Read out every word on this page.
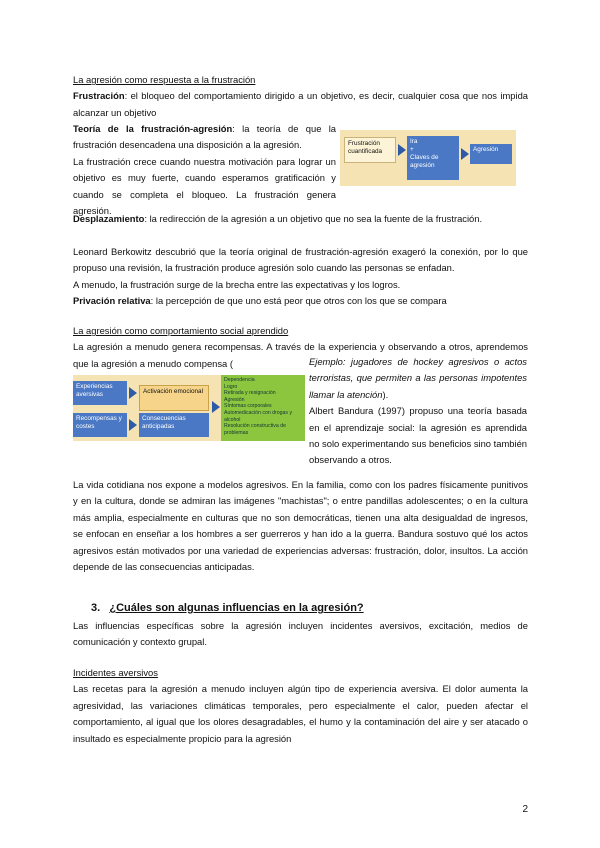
La agresión como respuesta a la frustración
Frustración: el bloqueo del comportamiento dirigido a un objetivo, es decir, cualquier cosa que nos impida alcanzar un objetivo
Teoría de la frustración-agresión: la teoría de que la frustración desencadena una disposición a la agresión.
La frustración crece cuando nuestra motivación para lograr un objetivo es muy fuerte, cuando esperamos gratificación y cuando se completa el bloqueo. La frustración genera agresión.
Frustración cuantificada
Ira
+
Claves de agresión
Agresión
Desplazamiento: la redirección de la agresión a un objetivo que no sea la fuente de la frustración.
Leonard Berkowitz descubrió que la teoría original de frustración-agresión exageró la conexión, por lo que propuso una revisión, la frustración produce agresión solo cuando las personas se enfadan.
A menudo, la frustración surge de la brecha entre las expectativas y los logros.
Privación relativa: la percepción de que uno está peor que otros con los que se compara
La agresión como comportamiento social aprendido
La agresión a menudo genera recompensas. A través de la experiencia y observando a otros, aprendemos que la agresión a menudo compensa (	Ejemplo: jugadores de hockey agresivos o actos terroristas, que permiten a las personas impotentes llamar la atención).
Albert Bandura (1997) propuso una teoría basada en el aprendizaje social: la agresión es aprendida no solo experimentando sus beneficios sino también observando a otros.
Experiencias aversivas
Recompensas y costes
Activación emocional
Consecuencias anticipadas
Dependencia
Logro
Retirada y resignación
Agresión
Síntomas corporales
Automedicación con drogas y alcohol
Resolución constructiva de problemas
La vida cotidiana nos expone a modelos agresivos. En la familia, como con los padres físicamente punitivos y en la cultura, donde se admiran las imágenes "machistas"; o entre pandillas adolescentes; o en la cultura más amplia, especialmente en culturas que no son democráticas, tienen una alta desigualdad de ingresos, se enfocan en enseñar a los hombres a ser guerreros y han ido a la guerra. Bandura sostuvo qué los actos agresivos están motivados por una variedad de experiencias adversas: frustración, dolor, insultos. La acción depende de las consecuencias anticipadas.
3. ¿Cuáles son algunas influencias en la agresión?
Las influencias específicas sobre la agresión incluyen incidentes aversivos, excitación, medios de comunicación y contexto grupal.
Incidentes aversivos
Las recetas para la agresión a menudo incluyen algún tipo de experiencia aversiva. El dolor aumenta la agresividad, las variaciones climáticas temporales, pero especialmente el calor, pueden afectar el comportamiento, al igual que los olores desagradables, el humo y la contaminación del aire y ser atacado o insultado es especialmente propicio para la agresión
2
